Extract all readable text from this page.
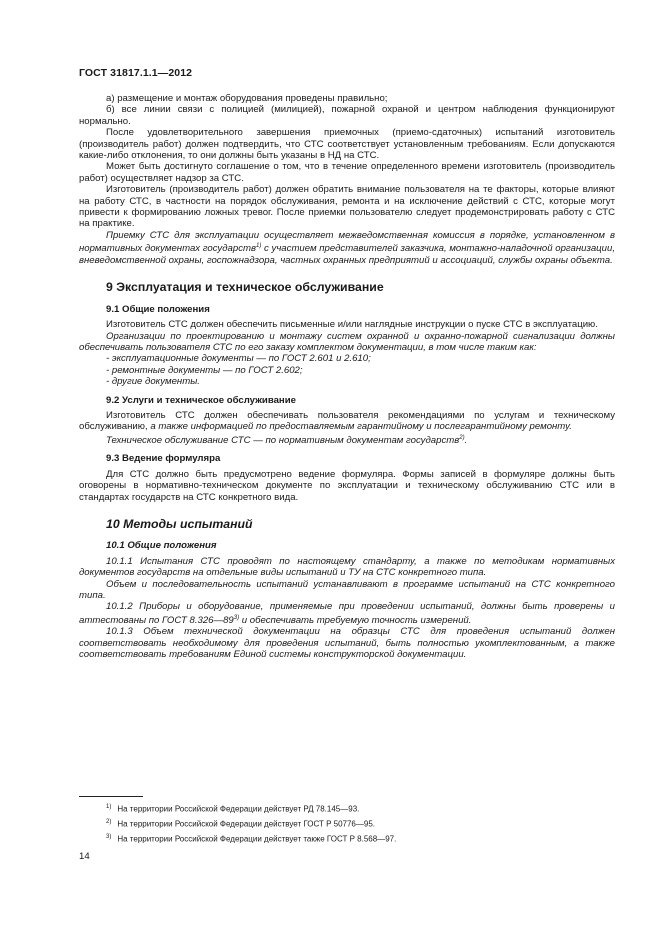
ГОСТ 31817.1.1—2012

а) размещение и монтаж оборудования проведены правильно;

б) все линии связи с полицией (милицией), пожарной охраной и центром наблюдения функционируют нормально.

После удовлетворительного завершения приемочных (приемо-сдаточных) испытаний изготовитель (производитель работ) должен подтвердить, что СТС соответствует установленным требованиям. Если допускаются какие-либо отклонения, то они должны быть указаны в НД на СТС.

Может быть достигнуто соглашение о том, что в течение определенного времени изготовитель (производитель работ) осуществляет надзор за СТС.

Изготовитель (производитель работ) должен обратить внимание пользователя на те факторы, которые влияют на работу СТС, в частности на порядок обслуживания, ремонта и на исключение действий с СТС, которые могут привести к формированию ложных тревог. После приемки пользователю следует продемонстрировать работу с СТС на практике.

Приемку СТС для эксплуатации осуществляет межведомственная комиссия в порядке, установленном в нормативных документах государств$^{1)}$ с участием представителей заказчика, монтажно-наладочной организации, вневедомственной охраны, госпожнадзора, частных охранных предприятий и ассоциаций, службы охраны объекта.

9 Эксплуатация и техническое обслуживание
9.1 Общие положения

Изготовитель СТС должен обеспечить письменные и/или наглядные инструкции о пуске СТС в эксплуатацию.

Организации по проектированию и монтажу систем охранной и охранно-пожарной сигнализации должны обеспечивать пользователя СТС по его заказу комплектом документации, в том числе таким как:

- эксплуатационные документы — по ГОСТ 2.601 и 2.610;

- ремонтные документы — по ГОСТ 2.602;

- другие документы.

9.2 Услуги и техническое обслуживание

Изготовитель СТС должен обеспечивать пользователя рекомендациями по услугам и техническому обслуживанию, а также информацией по предоставляемым гарантийному и послегарантийному ремонту.

Техническое обслуживание СТС — по нормативным документам государств$^{2)}$.

9.3 Ведение формуляра

Для СТС должно быть предусмотрено ведение формуляра. Формы записей в формуляре должны быть оговорены в нормативно-техническом документе по эксплуатации и техническому обслуживанию СТС или в стандартах государств на СТС конкретного вида.

10 Методы испытаний
10.1 Общие положения

10.1.1 Испытания СТС проводят по настоящему стандарту, а также по методикам нормативных документов государств на отдельные виды испытаний и ТУ на СТС конкретного типа.

Объем и последовательность испытаний устанавливают в программе испытаний на СТС конкретного типа.

10.1.2 Приборы и оборудование, применяемые при проведении испытаний, должны быть проверены и аттестованы по ГОСТ 8.326—89$^{3)}$ и обеспечивать требуемую точность измерений.

10.1.3 Объем технической документации на образцы СТС для проведения испытаний должен соответствовать необходимому для проведения испытаний, быть полностью укомплектованным, а также соответствовать требованиям Единой системы конструкторской документации.

$^{1)}$ На территории Российской Федерации действует РД 78.145—93.
$^{2)}$ На территории Российской Федерации действует ГОСТ Р 50776—95.
$^{3)}$ На территории Российской Федерации действует также ГОСТ Р 8.568—97.
14
